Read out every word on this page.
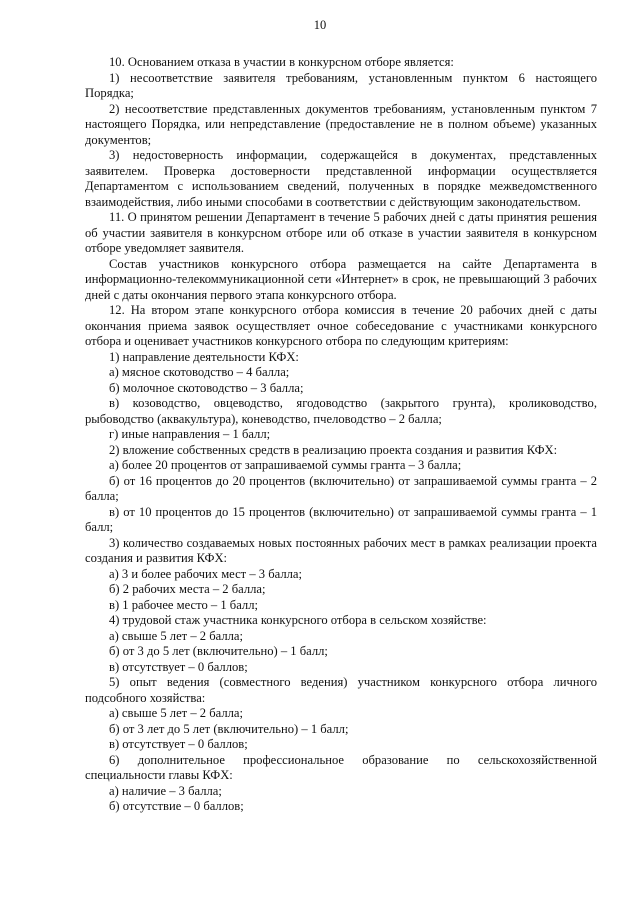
10

10. Основанием отказа в участии в конкурсном отборе является:

1) несоответствие заявителя требованиям, установленным пунктом 6 настоящего Порядка;

2) несоответствие представленных документов требованиям, установленным пунктом 7 настоящего Порядка, или непредставление (предоставление не в полном объеме) указанных документов;

3) недостоверность информации, содержащейся в документах, представленных заявителем. Проверка достоверности представленной информации осуществляется Департаментом с использованием сведений, полученных в порядке межведомственного взаимодействия, либо иными способами в соответствии с действующим законодательством.

11. О принятом решении Департамент в течение 5 рабочих дней с даты принятия решения об участии заявителя в конкурсном отборе или об отказе в участии заявителя в конкурсном отборе уведомляет заявителя.

Состав участников конкурсного отбора размещается на сайте Департамента в информационно-телекоммуникационной сети «Интернет» в срок, не превышающий 3 рабочих дней с даты окончания первого этапа конкурсного отбора.

12. На втором этапе конкурсного отбора комиссия в течение 20 рабочих дней с даты окончания приема заявок осуществляет очное собеседование с участниками конкурсного отбора и оценивает участников конкурсного отбора по следующим критериям:

1) направление деятельности КФХ:

а) мясное скотоводство – 4 балла;

б) молочное скотоводство – 3 балла;

в) козоводство, овцеводство, ягодоводство (закрытого грунта), кролиководство, рыбоводство (аквакультура), коневодство, пчеловодство – 2 балла;

г) иные направления – 1 балл;

2) вложение собственных средств в реализацию проекта создания и развития КФХ:

а) более 20 процентов от запрашиваемой суммы гранта – 3 балла;

б) от 16 процентов до 20 процентов (включительно) от запрашиваемой суммы гранта – 2 балла;

в) от 10 процентов до 15 процентов (включительно) от запрашиваемой суммы гранта – 1 балл;

3) количество создаваемых новых постоянных рабочих мест в рамках реализации проекта создания и развития КФХ:

а) 3 и более рабочих мест – 3 балла;

б) 2 рабочих места – 2 балла;

в) 1 рабочее место – 1 балл;

4) трудовой стаж участника конкурсного отбора в сельском хозяйстве:

а) свыше 5 лет – 2 балла;

б) от 3 до 5 лет (включительно) – 1 балл;

в) отсутствует – 0 баллов;

5) опыт ведения (совместного ведения) участником конкурсного отбора личного подсобного хозяйства:

а) свыше 5 лет – 2 балла;

б) от 3 лет до 5 лет (включительно) – 1 балл;

в) отсутствует – 0 баллов;

6) дополнительное профессиональное образование по сельскохозяйственной специальности главы КФХ:

а) наличие – 3 балла;

б) отсутствие – 0 баллов;
